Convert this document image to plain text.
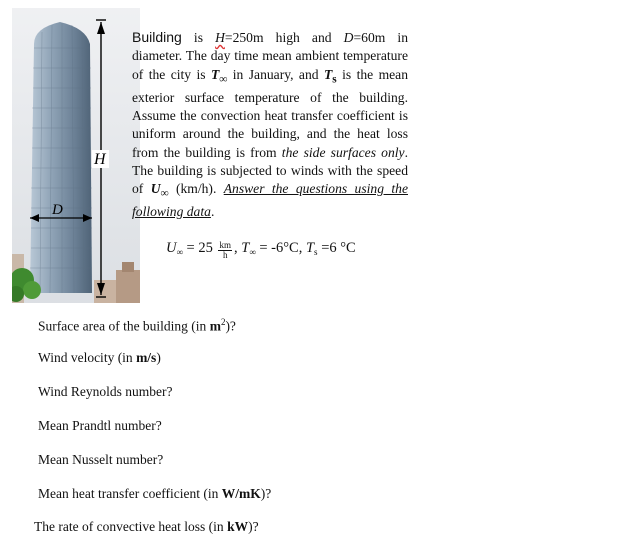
H
D

Building is H=250m high and D=60m in diameter. The day time mean ambient temperature of the city is $T_\infty$ in January, and $T_s$ is the mean exterior surface temperature of the building. Assume the convection heat transfer coefficient is uniform around the building, and the heat loss from the building is from the side surfaces only. The building is subjected to winds with the speed of $U_\infty$ (km/h). Answer the questions using the following data.

$U_\infty = 25 \frac{km}{h}$ , $T_\infty = -6^\circ C$, $T_s =6$ °C
Surface area of the building (in $m^2$)?
Wind velocity (in m/s)
Wind Reynolds number?
Mean Prandtl number?
Mean Nusselt number?
Mean heat transfer coefficient (in W/mK)?
The rate of convective heat loss (in kW)?
